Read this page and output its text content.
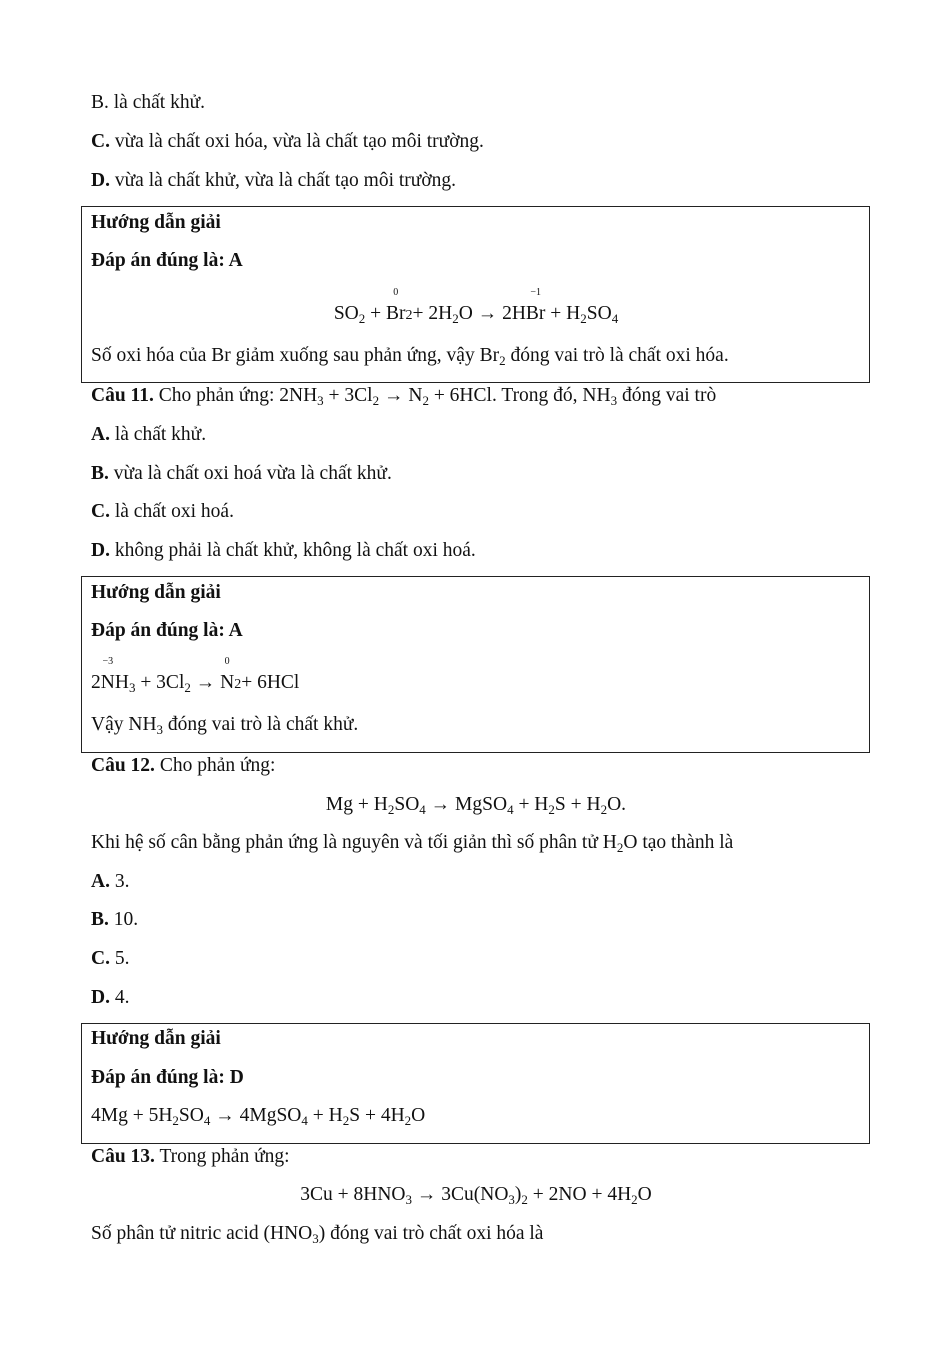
B. là chất khử.
C. vừa là chất oxi hóa, vừa là chất tạo môi trường.
D. vừa là chất khử, vừa là chất tạo môi trường.
Hướng dẫn giải
Đáp án đúng là: A
$SO_2$ +
0
$Br2+ 2H_2O \to 2H$
−1
$Br + H_2SO_4$
Số oxi hóa của Br giảm xuống sau phản ứng, vậy $Br_2$ đóng vai trò là chất oxi hóa.
Câu 11. Cho phản ứng: $2NH_3 + 3Cl_2 \to N_2 + 6HCl$. Trong đó, $NH_3$ đóng vai trò
A. là chất khử.
B. vừa là chất oxi hoá vừa là chất khử.
C. là chất oxi hoá.
D. không phải là chất khử, không là chất oxi hoá.
Hướng dẫn giải
Đáp án đúng là: A
2
−3
$NH_3 + 3Cl_2$ →
0
N2+ 6HCl
Vậy $NH_3$ đóng vai trò là chất khử.
Câu 12. Cho phản ứng:
$Mg + H_2SO_4$ → MgSO$_4$ + $H_2S + H_2O$.
Khi hệ số cân bằng phản ứng là nguyên và tối giản thì số phân tử $H_2O$ tạo thành là
A. 3.
B. 10.
C. 5.
D. 4.
Hướng dẫn giải
Đáp án đúng là: D
$4Mg + 5H_2SO_4$ → 4MgSO$_4$ + $H_2S + 4H_2O$
Câu 13. Trong phản ứng:
$3Cu + 8HNO_3 \to 3Cu(NO_3)_2 + 2NO + 4H_2O$
Số phân tử nitric acid $(HNO_3)$ đóng vai trò chất oxi hóa là
